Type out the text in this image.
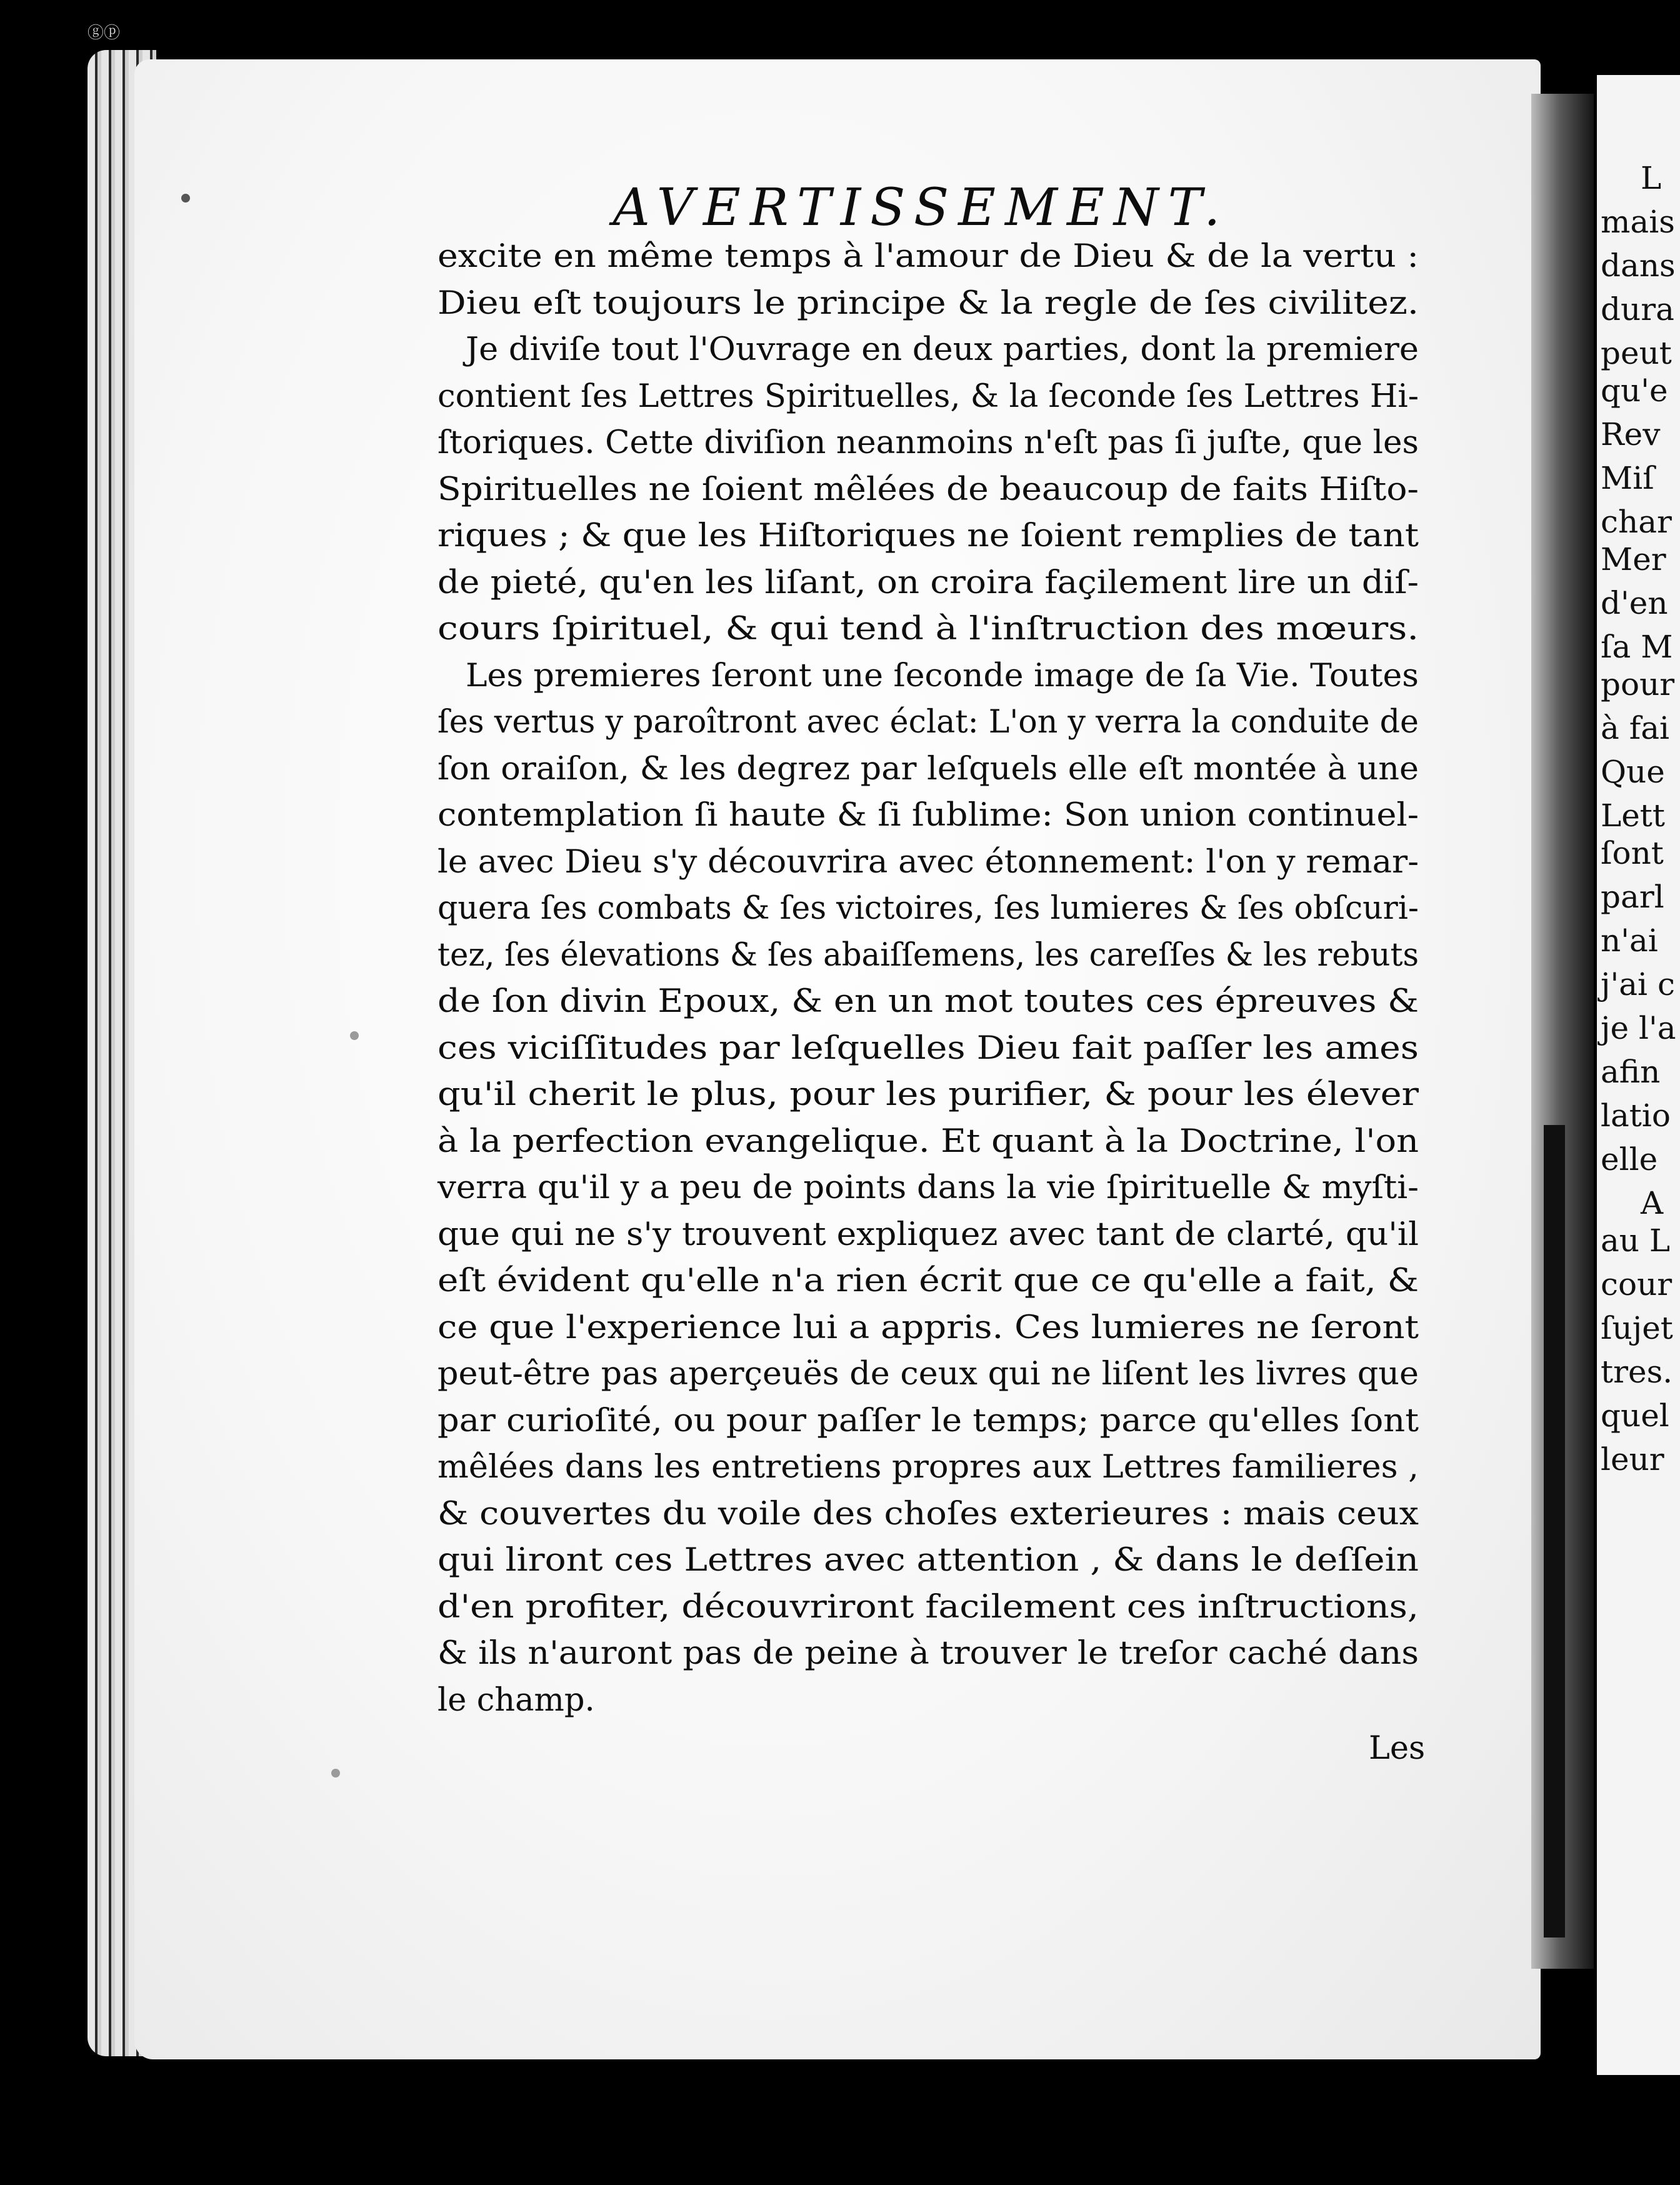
ⓖⓟ
L
mais
dans
dura
peut
qu'e
Rev
Miſ
char
Mer
d'en
ſa M
pour
à fai
Que
Lett
ſont
parl
n'ai
j'ai c
je l'a
afin
latio
elle
A
au L
cour
ſujet
tres.
quel
leur
AVERTISSEMENT.
excite en même temps à l'amour de Dieu & de la vertu :
Dieu eſt toujours le principe & la regle de ſes civilitez.
Je diviſe tout l'Ouvrage en deux parties, dont la premiere
contient ſes Lettres Spirituelles, & la ſeconde ſes Lettres Hi-
ſtoriques. Cette diviſion neanmoins n'eſt pas ſi juſte, que les
Spirituelles ne ſoient mêlées de beaucoup de faits Hiſto-
riques ; & que les Hiſtoriques ne ſoient remplies de tant
de pieté, qu'en les liſant, on croira façilement lire un diſ-
cours ſpirituel, & qui tend à l'inſtruction des mœurs.
Les premieres ſeront une ſeconde image de ſa Vie. Toutes
ſes vertus y paroîtront avec éclat: L'on y verra la conduite de
ſon oraiſon, & les degrez par leſquels elle eſt montée à une
contemplation ſi haute & ſi ſublime: Son union continuel-
le avec Dieu s'y découvrira avec étonnement: l'on y remar-
quera ſes combats & ſes victoires, ſes lumieres & ſes obſcuri-
tez, ſes élevations & ſes abaiſſemens, les careſſes & les rebuts
de ſon divin Epoux, & en un mot toutes ces épreuves &
ces viciſſitudes par leſquelles Dieu fait paſſer les ames
qu'il cherit le plus, pour les purifier, & pour les élever
à la perfection evangelique. Et quant à la Doctrine, l'on
verra qu'il y a peu de points dans la vie ſpirituelle & myſti-
que qui ne s'y trouvent expliquez avec tant de clarté, qu'il
eſt évident qu'elle n'a rien écrit que ce qu'elle a fait, &
ce que l'experience lui a appris. Ces lumieres ne ſeront
peut-être pas aperçeuës de ceux qui ne liſent les livres que
par curioſité, ou pour paſſer le temps; parce qu'elles ſont
mêlées dans les entretiens propres aux Lettres familieres ,
& couvertes du voile des choſes exterieures : mais ceux
qui liront ces Lettres avec attention , & dans le deſſein
d'en profiter, découvriront facilement ces inſtructions,
& ils n'auront pas de peine à trouver le treſor caché dans
le champ.
Les
